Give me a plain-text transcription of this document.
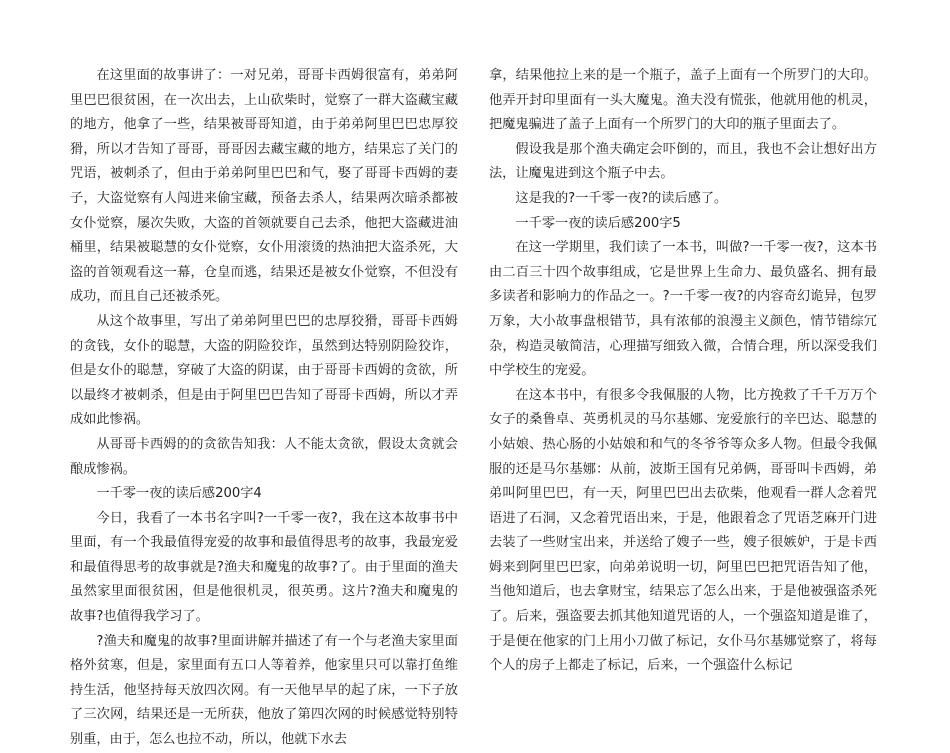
在这里面的故事讲了：一对兄弟，哥哥卡西姆很富有，弟弟阿里巴巴很贫困，在一次出去，上山砍柴时，觉察了一群大盗藏宝藏的地方，他拿了一些，结果被哥哥知道，由于弟弟阿里巴巴忠厚狡猾，所以才告知了哥哥，哥哥因去藏宝藏的地方，结果忘了关门的咒语，被刺杀了，但由于弟弟阿里巴巴和气，娶了哥哥卡西姆的妻子，大盗觉察有人闯进来偷宝藏，预备去杀人，结果两次暗杀都被女仆觉察，屡次失败，大盗的首领就要自己去杀，他把大盗藏进油桶里，结果被聪慧的女仆觉察，女仆用滚烫的热油把大盗杀死，大盗的首领观看这一幕，仓皇而逃，结果还是被女仆觉察，不但没有成功，而且自己还被杀死。

从这个故事里，写出了弟弟阿里巴巴的忠厚狡猾，哥哥卡西姆的贪钱，女仆的聪慧，大盗的阴险狡诈，虽然到达特别阴险狡诈，但是女仆的聪慧，穿破了大盗的阴谋，由于哥哥卡西姆的贪欲，所以最终才被刺杀，但是由于阿里巴巴告知了哥哥卡西姆，所以才弄成如此惨祸。

从哥哥卡西姆的的贪欲告知我：人不能太贪欲，假设太贪就会酿成惨祸。

一千零一夜的读后感200字4

今日，我看了一本书名字叫?一千零一夜?，我在这本故事书中里面，有一个我最值得宠爱的故事和最值得思考的故事，我最宠爱和最值得思考的故事就是?渔夫和魔鬼的故事?了。由于里面的渔夫虽然家里面很贫困，但是他很机灵，很英勇。这片?渔夫和魔鬼的故事?也值得我学习了。

?渔夫和魔鬼的故事?里面讲解并描述了有一个与老渔夫家里面格外贫寒，但是，家里面有五口人等着养，他家里只可以靠打鱼维持生活，他坚持每天放四次网。有一天他早早的起了床，一下子放了三次网，结果还是一无所获，他放了第四次网的时候感觉特别特别重，由于，怎么也拉不动，所以，他就下水去

拿，结果他拉上来的是一个瓶子，盖子上面有一个所罗门的大印。他弄开封印里面有一头大魔鬼。渔夫没有慌张，他就用他的机灵，把魔鬼骗进了盖子上面有一个所罗门的大印的瓶子里面去了。

假设我是那个渔夫确定会吓倒的，而且，我也不会让想好出方法，让魔鬼进到这个瓶子中去。

这是我的?一千零一夜?的读后感了。

一千零一夜的读后感200字5

在这一学期里，我们读了一本书，叫做?一千零一夜?，这本书由二百三十四个故事组成，它是世界上生命力、最负盛名、拥有最多读者和影响力的作品之一。?一千零一夜?的内容奇幻诡异，包罗万象，大小故事盘根错节，具有浓郁的浪漫主义颜色，情节错综冗杂，构造灵敏简洁，心理描写细致入微，合情合理，所以深受我们中学校生的宠爱。

在这本书中，有很多令我佩服的人物，比方挽救了千千万万个女子的桑鲁卓、英勇机灵的马尔基娜、宠爱旅行的辛巴达、聪慧的小姑娘、热心肠的小姑娘和和气的冬爷爷等众多人物。但最令我佩服的还是马尔基娜：从前，波斯王国有兄弟俩，哥哥叫卡西姆，弟弟叫阿里巴巴，有一天，阿里巴巴出去砍柴，他观看一群人念着咒语进了石洞，又念着咒语出来，于是，他跟着念了咒语芝麻开门进去装了一些财宝出来，并送给了嫂子一些，嫂子很嫉妒，于是卡西姆来到阿里巴巴家，向弟弟说明一切，阿里巴巴把咒语告知了他，当他知道后，也去拿财宝，结果忘了怎么出来，于是他被强盗杀死了。后来，强盗要去抓其他知道咒语的人，一个强盗知道是谁了，于是便在他家的门上用小刀做了标记，女仆马尔基娜觉察了，将每个人的房子上都走了标记，后来，一个强盗什么标记
